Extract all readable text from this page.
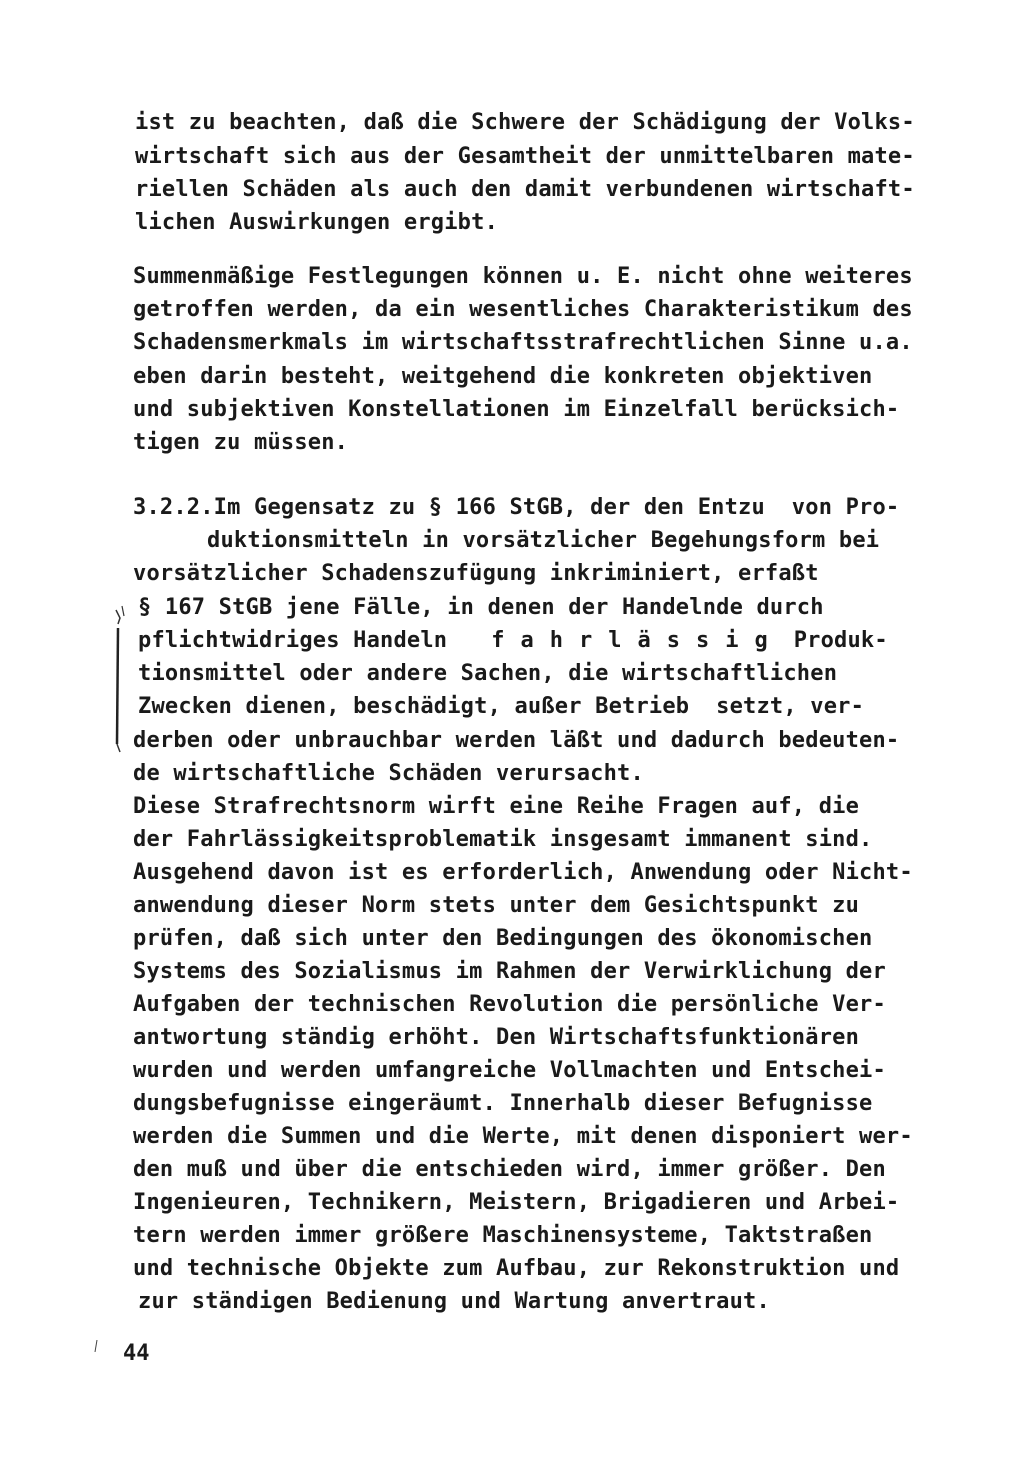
ist zu beachten, daß die Schwere der Schädigung der Volks-
wirtschaft sich aus der Gesamtheit der unmittelbaren mate-
riellen Schäden als auch den damit verbundenen wirtschaft-
lichen Auswirkungen ergibt.
Summenmäßige Festlegungen können u. E. nicht ohne weiteres
getroffen werden, da ein wesentliches Charakteristikum des
Schadensmerkmals im wirtschaftsstrafrechtlichen Sinne u.a.
eben darin besteht, weitgehend die konkreten objektiven
und subjektiven Konstellationen im Einzelfall berücksich-
tigen zu müssen.
3.2.2.Im Gegensatz zu § 166 StGB, der den Entzu  von Pro-
duktionsmitteln in vorsätzlicher Begehungsform bei
vorsätzlicher Schadenszufügung inkriminiert, erfaßt
§ 167 StGB jene Fälle, in denen der Handelnde durch
pflichtwidriges Handeln fahrlässig Produk-
tionsmittel oder andere Sachen, die wirtschaftlichen
Zwecken dienen, beschädigt, außer Betrieb  setzt, ver-
derben oder unbrauchbar werden läßt und dadurch bedeuten-
de wirtschaftliche Schäden verursacht.
Diese Strafrechtsnorm wirft eine Reihe Fragen auf, die
der Fahrlässigkeitsproblematik insgesamt immanent sind.
Ausgehend davon ist es erforderlich, Anwendung oder Nicht-
anwendung dieser Norm stets unter dem Gesichtspunkt zu
prüfen, daß sich unter den Bedingungen des ökonomischen
Systems des Sozialismus im Rahmen der Verwirklichung der
Aufgaben der technischen Revolution die persönliche Ver-
antwortung ständig erhöht. Den Wirtschaftsfunktionären
wurden und werden umfangreiche Vollmachten und Entschei-
dungsbefugnisse eingeräumt. Innerhalb dieser Befugnisse
werden die Summen und die Werte, mit denen disponiert wer-
den muß und über die entschieden wird, immer größer. Den
Ingenieuren, Technikern, Meistern, Brigadieren und Arbei-
tern werden immer größere Maschinensysteme, Taktstraßen
und technische Objekte zum Aufbau, zur Rekonstruktion und
zur ständigen Bedienung und Wartung anvertraut.
44
